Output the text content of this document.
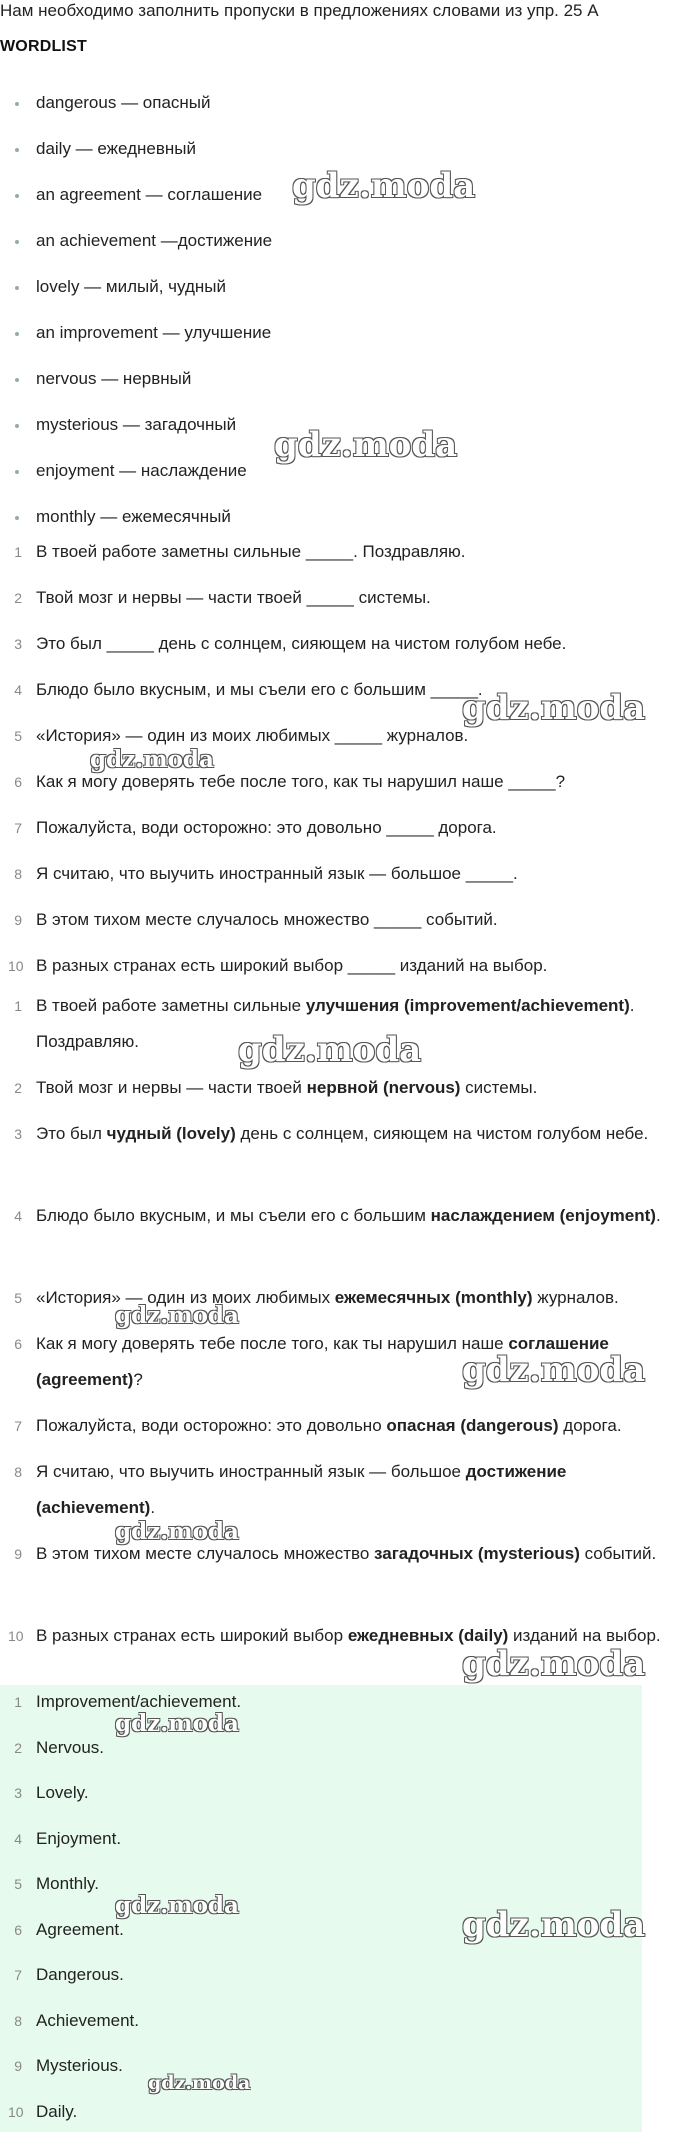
Нам необходимо заполнить пропуски в предложениях словами из упр. 25 А
WORDLIST
dangerous — опасный
daily — ежедневный
an agreement — соглашение
an achievement —достижение
lovely — милый, чудный
an improvement — улучшение
nervous — нервный
mysterious — загадочный
enjoyment — наслаждение
monthly — ежемесячный
1 В твоей работе заметны сильные _____. Поздравляю.
2 Твой мозг и нервы — части твоей _____ системы.
3 Это был _____ день с солнцем, сияющем на чистом голубом небе.
4 Блюдо было вкусным, и мы съели его с большим _____.
5 «История» — один из моих любимых _____ журналов.
6 Как я могу доверять тебе после того, как ты нарушил наше _____?
7 Пожалуйста, води осторожно: это довольно _____ дорога.
8 Я считаю, что выучить иностранный язык — большое _____.
9 В этом тихом месте случалось множество _____ событий.
10 В разных странах есть широкий выбор _____ изданий на выбор.
1 В твоей работе заметны сильные улучшения (improvement/achievement). Поздравляю.
2 Твой мозг и нервы — части твоей нервной (nervous) системы.
3 Это был чудный (lovely) день с солнцем, сияющем на чистом голубом небе.
4 Блюдо было вкусным, и мы съели его с большим наслаждением (enjoyment).
5 «История» — один из моих любимых ежемесячных (monthly) журналов.
6 Как я могу доверять тебе после того, как ты нарушил наше соглашение (agreement)?
7 Пожалуйста, води осторожно: это довольно опасная (dangerous) дорога.
8 Я считаю, что выучить иностранный язык — большое достижение (achievement).
9 В этом тихом месте случалось множество загадочных (mysterious) событий.
10 В разных странах есть широкий выбор ежедневных (daily) изданий на выбор.
1 Improvement/achievement.
2 Nervous.
3 Lovely.
4 Enjoyment.
5 Monthly.
6 Agreement.
7 Dangerous.
8 Achievement.
9 Mysterious.
10 Daily.
gdz.moda
gdz.moda
gdz.moda
gdz.moda
gdz.moda
gdz.moda
gdz.moda
gdz.moda
gdz.moda
gdz.moda
gdz.moda	gdz.moda
gdz.moda
